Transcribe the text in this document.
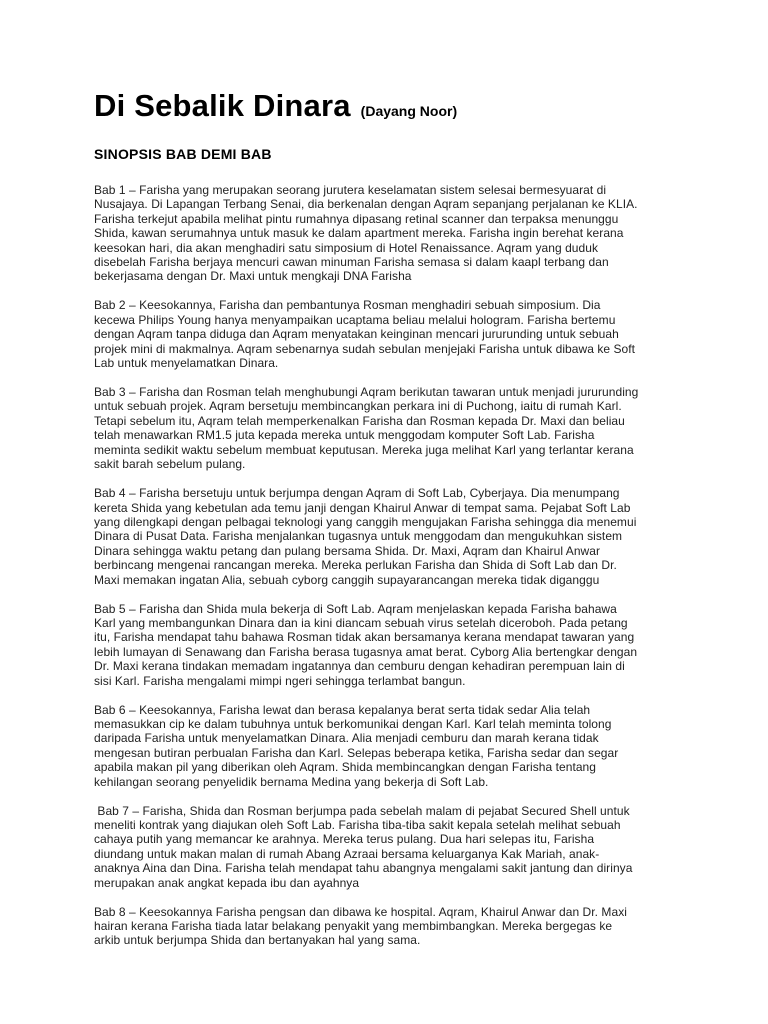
Di Sebalik Dinara (Dayang Noor)
SINOPSIS BAB DEMI BAB
Bab 1 – Farisha yang merupakan seorang jurutera keselamatan sistem selesai bermesyuarat di
Nusajaya. Di Lapangan Terbang Senai, dia berkenalan dengan Aqram sepanjang perjalanan ke KLIA.
Farisha terkejut apabila melihat pintu rumahnya dipasang retinal scanner dan terpaksa menunggu
Shida, kawan serumahnya untuk masuk ke dalam apartment mereka. Farisha ingin berehat kerana
keesokan hari, dia akan menghadiri satu simposium di Hotel Renaissance. Aqram yang duduk
disebelah Farisha berjaya mencuri cawan minuman Farisha semasa si dalam kaapl terbang dan
bekerjasama dengan Dr. Maxi untuk mengkaji DNA Farisha
Bab 2 – Keesokannya, Farisha dan pembantunya Rosman menghadiri sebuah simposium. Dia
kecewa Philips Young hanya menyampaikan ucaptama beliau melalui hologram. Farisha bertemu
dengan Aqram tanpa diduga dan Aqram menyatakan keinginan mencari jururunding untuk sebuah
projek mini di makmalnya. Aqram sebenarnya sudah sebulan menjejaki Farisha untuk dibawa ke Soft
Lab untuk menyelamatkan Dinara.
Bab 3 – Farisha dan Rosman telah menghubungi Aqram berikutan tawaran untuk menjadi jururunding
untuk sebuah projek. Aqram bersetuju membincangkan perkara ini di Puchong, iaitu di rumah Karl.
Tetapi sebelum itu, Aqram telah memperkenalkan Farisha dan Rosman kepada Dr. Maxi dan beliau
telah menawarkan RM1.5 juta kepada mereka untuk menggodam komputer Soft Lab. Farisha
meminta sedikit waktu sebelum membuat keputusan. Mereka juga melihat Karl yang terlantar kerana
sakit barah sebelum pulang.
Bab 4 – Farisha bersetuju untuk berjumpa dengan Aqram di Soft Lab, Cyberjaya. Dia menumpang
kereta Shida yang kebetulan ada temu janji dengan Khairul Anwar di tempat sama. Pejabat Soft Lab
yang dilengkapi dengan pelbagai teknologi yang canggih mengujakan Farisha sehingga dia menemui
Dinara di Pusat Data. Farisha menjalankan tugasnya untuk menggodam dan mengukuhkan sistem
Dinara sehingga waktu petang dan pulang bersama Shida. Dr. Maxi, Aqram dan Khairul Anwar
berbincang mengenai rancangan mereka. Mereka perlukan Farisha dan Shida di Soft Lab dan Dr.
Maxi memakan ingatan Alia, sebuah cyborg canggih supayarancangan mereka tidak diganggu
Bab 5 – Farisha dan Shida mula bekerja di Soft Lab. Aqram menjelaskan kepada Farisha bahawa
Karl yang membangunkan Dinara dan ia kini diancam sebuah virus setelah diceroboh. Pada petang
itu, Farisha mendapat tahu bahawa Rosman tidak akan bersamanya kerana mendapat tawaran yang
lebih lumayan di Senawang dan Farisha berasa tugasnya amat berat. Cyborg Alia bertengkar dengan
Dr. Maxi kerana tindakan memadam ingatannya dan cemburu dengan kehadiran perempuan lain di
sisi Karl. Farisha mengalami mimpi ngeri sehingga terlambat bangun.
Bab 6 – Keesokannya, Farisha lewat dan berasa kepalanya berat serta tidak sedar Alia telah
memasukkan cip ke dalam tubuhnya untuk berkomunikai dengan Karl. Karl telah meminta tolong
daripada Farisha untuk menyelamatkan Dinara. Alia menjadi cemburu dan marah kerana tidak
mengesan butiran perbualan Farisha dan Karl. Selepas beberapa ketika, Farisha sedar dan segar
apabila makan pil yang diberikan oleh Aqram. Shida membincangkan dengan Farisha tentang
kehilangan seorang penyelidik bernama Medina yang bekerja di Soft Lab.
Bab 7 – Farisha, Shida dan Rosman berjumpa pada sebelah malam di pejabat Secured Shell untuk
meneliti kontrak yang diajukan oleh Soft Lab. Farisha tiba-tiba sakit kepala setelah melihat sebuah
cahaya putih yang memancar ke arahnya. Mereka terus pulang. Dua hari selepas itu, Farisha
diundang untuk makan malan di rumah Abang Azraai bersama keluarganya Kak Mariah, anak-
anaknya Aina dan Dina. Farisha telah mendapat tahu abangnya mengalami sakit jantung dan dirinya
merupakan anak angkat kepada ibu dan ayahnya
Bab 8 – Keesokannya Farisha pengsan dan dibawa ke hospital. Aqram, Khairul Anwar dan Dr. Maxi
hairan kerana Farisha tiada latar belakang penyakit yang membimbangkan. Mereka bergegas ke
arkib untuk berjumpa Shida dan bertanyakan hal yang sama.
